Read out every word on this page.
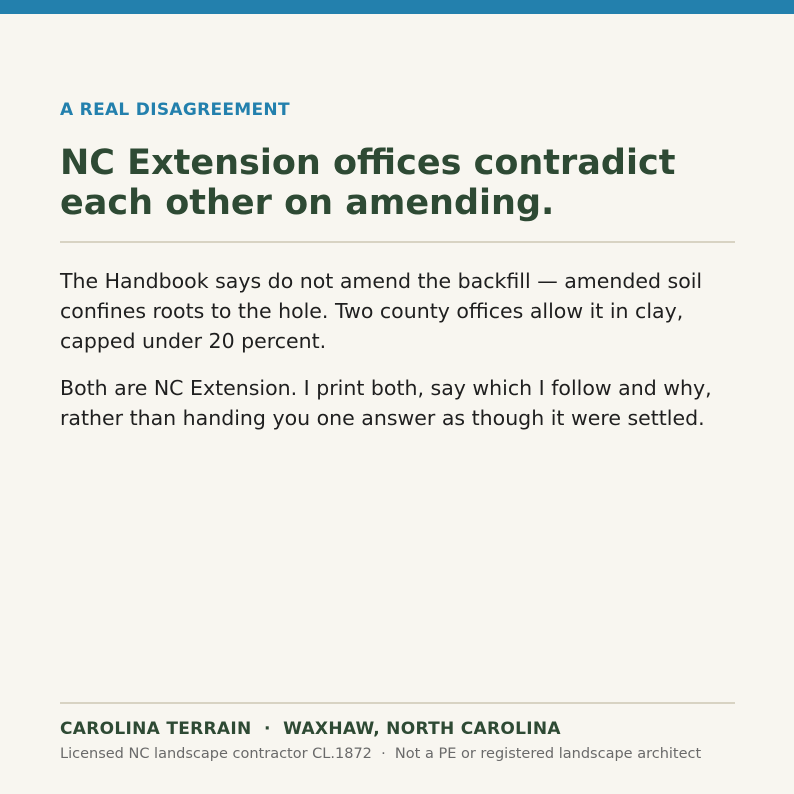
A REAL DISAGREEMENT

NC Extension offices contradict each other on amending.

The Handbook says do not amend the backfill — amended soil confines roots to the hole. Two county offices allow it in clay, capped under 20 percent.

Both are NC Extension. I print both, say which I follow and why, rather than handing you one answer as though it were settled.

CAROLINA TERRAIN  ·  WAXHAW, NORTH CAROLINA

Licensed NC landscape contractor CL.1872  ·  Not a PE or registered landscape architect
